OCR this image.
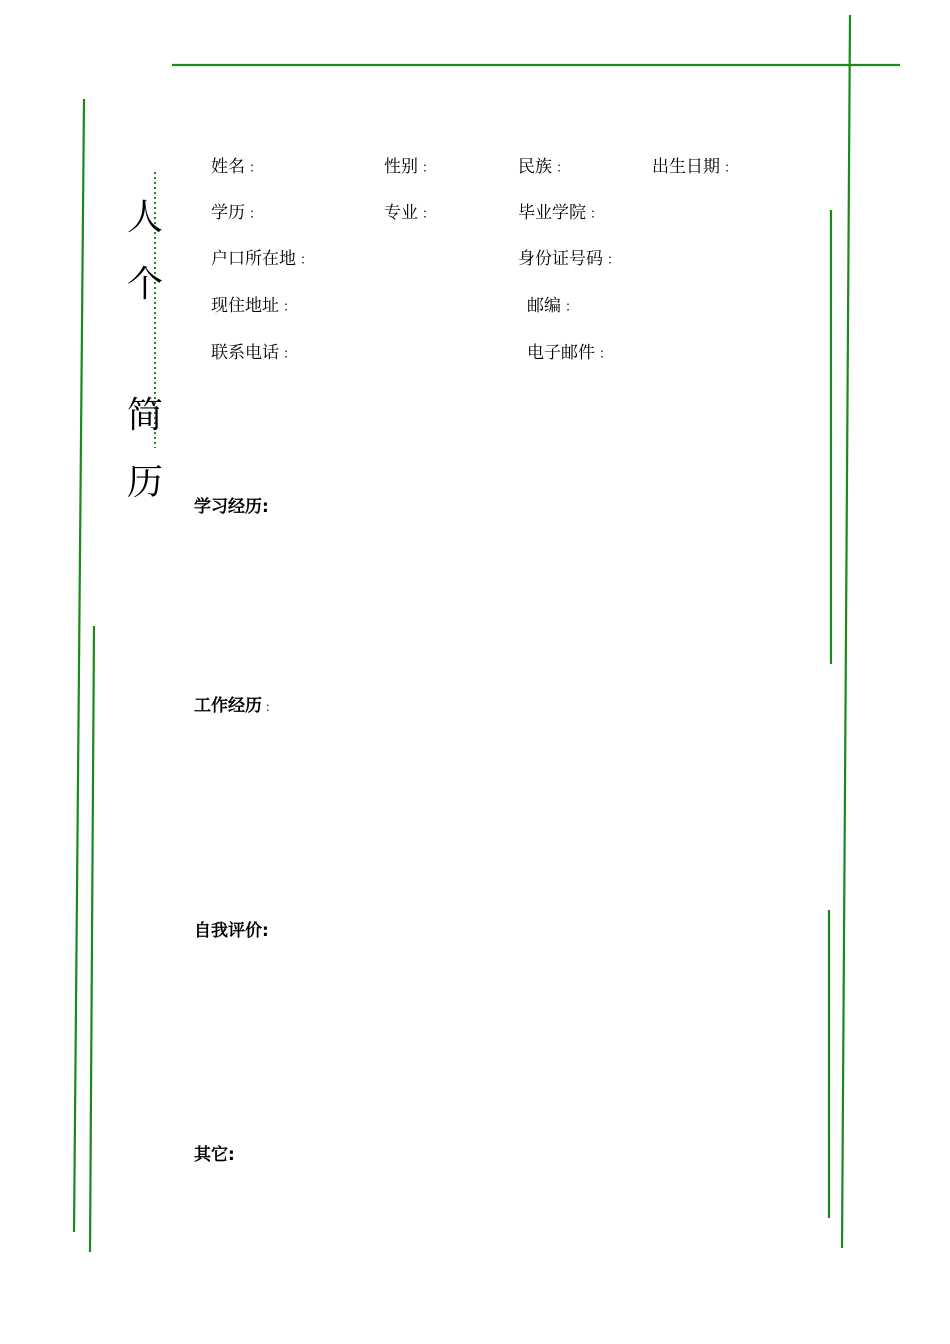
人
个
简
历
姓名 ：	性别 ：	民族 ：	出生日期 ：
学历 ：	专业 ：	毕业学院 ：
户口所在地 ：	身份证号码 ：
现住地址 ：	邮编 ：
联系电话 ：	电子邮件 ：
学习经历:
工作经历 ：
自我评价:
其它:
